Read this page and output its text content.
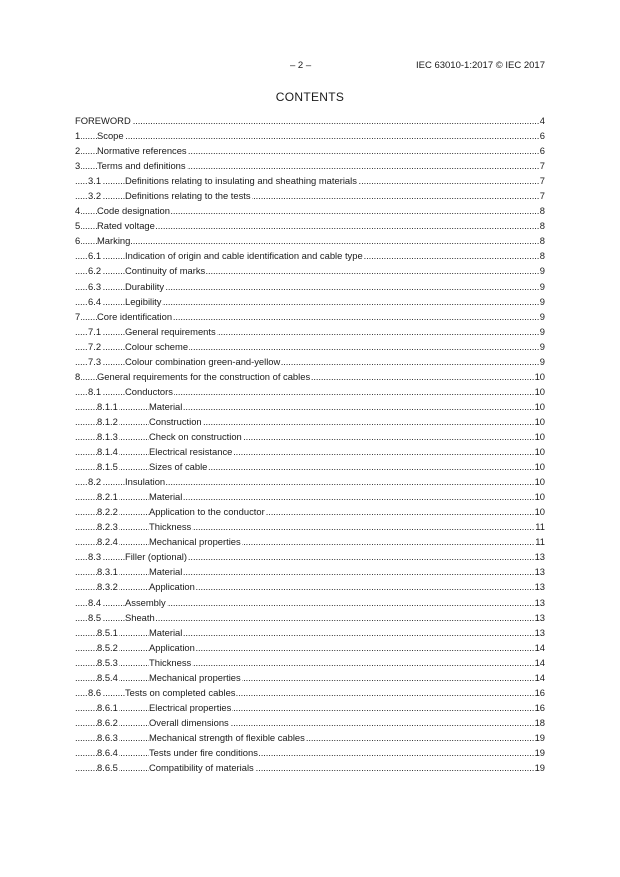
– 2 –	IEC 63010-1:2017 © IEC 2017
CONTENTS
FOREWORD	4
. . .
1 Scope	6
. . .
2 Normative references	6
. . .
3 Terms and definitions	7
. . .
3.1	Definitions relating to insulating and sheathing materials	7
. . .
3.2	Definitions relating to the tests	7
. . .
4 Code designation	8
. . .
5 Rated voltage	8
. . .
6 Marking	8
. . .
6.1	Indication of origin and cable identification and cable type	8
. . .
6.2	Continuity of marks	9
. . .
6.3	Durability	9
. . .
6.4	Legibility	9
. . .
7 Core identification	9
. . .
7.1	General requirements	9
. . .
7.2	Colour scheme	9
. . .
7.3	Colour combination green-and-yellow	9
. . .
8 General requirements for the construction of cables	10
. . .
8.1	Conductors	10
. . .
8.1.1	Material	10
. . .
8.1.2	Construction	10
. . .
8.1.3	Check on construction	10
. . .
8.1.4	Electrical resistance	10
. . .
8.1.5	Sizes of cable	10
. . .
8.2	Insulation	10
. . .
8.2.1	Material	10
. . .
8.2.2	Application to the conductor	10
. . .
8.2.3	Thickness	11
. . .
8.2.4	Mechanical properties	11
. . .
8.3	Filler (optional)	13
. . .
8.3.1	Material	13
. . .
8.3.2	Application	13
. . .
8.4	Assembly	13
. . .
8.5	Sheath	13
. . .
8.5.1	Material	13
. . .
8.5.2	Application	14
. . .
8.5.3	Thickness	14
. . .
8.5.4	Mechanical properties	14
. . .
8.6	Tests on completed cables	16
. . .
8.6.1	Electrical properties	16
. . .
8.6.2	Overall dimensions	18
. . .
8.6.3	Mechanical strength of flexible cables	19
. . .
8.6.4	Tests under fire conditions	19
. . .
8.6.5	Compatibility of materials	19
. . .
